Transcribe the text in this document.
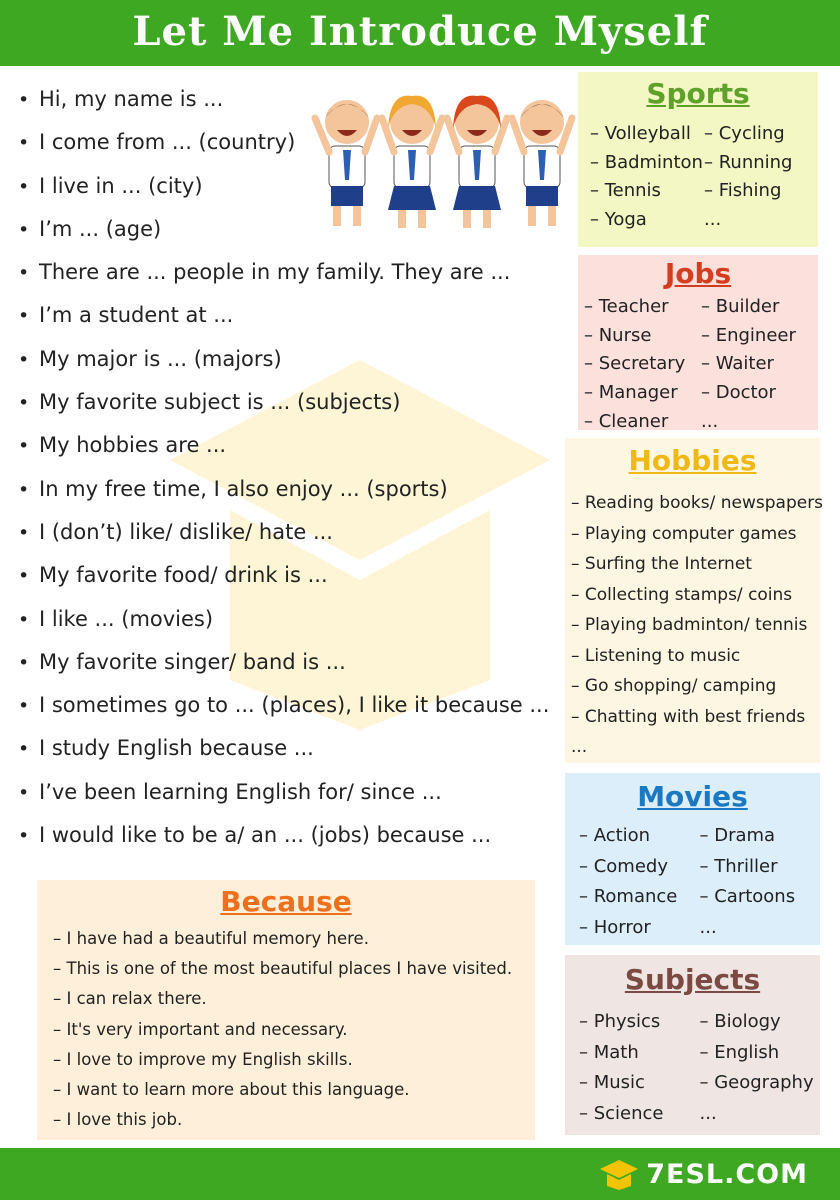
Let Me Introduce Myself
• Hi, my name is ...
• I come from ... (country)
• I live in ... (city)
• I’m ... (age)
• There are ... people in my family. They are ...
• I’m a student at ...
• My major is ... (majors)
• My favorite subject is ... (subjects)
• My hobbies are ...
• In my free time, I also enjoy ... (sports)
• I (don’t) like/ dislike/ hate ...
• My favorite food/ drink is ...
• I like ... (movies)
• My favorite singer/ band is ...
• I sometimes go to ... (places), I like it because ...
• I study English because ...
• I’ve been learning English for/ since ...
• I would like to be a/ an ... (jobs) because ...
Sports
– Volleyball – Cycling
– Badminton – Running
– Tennis	– Fishing
– Yoga	...
Jobs
– Teacher	– Builder
– Nurse	– Engineer
– Secretary – Waiter
– Manager	– Doctor
– Cleaner	...
Hobbies
– Reading books/ newspapers
– Playing computer games
– Surfing the Internet
– Collecting stamps/ coins
– Playing badminton/ tennis
– Listening to music
– Go shopping/ camping
– Chatting with best friends
...
Movies
– Action	– Drama
– Comedy	– Thriller
– Romance	– Cartoons
– Horror	...
Subjects
– Physics	– Biology
– Math	– English
– Music	– Geography
– Science	...
Because
– I have had a beautiful memory here.
– This is one of the most beautiful places I have visited.
– I can relax there.
– It's very important and necessary.
– I love to improve my English skills.
– I want to learn more about this language.
– I love this job.
7ESL.COM
